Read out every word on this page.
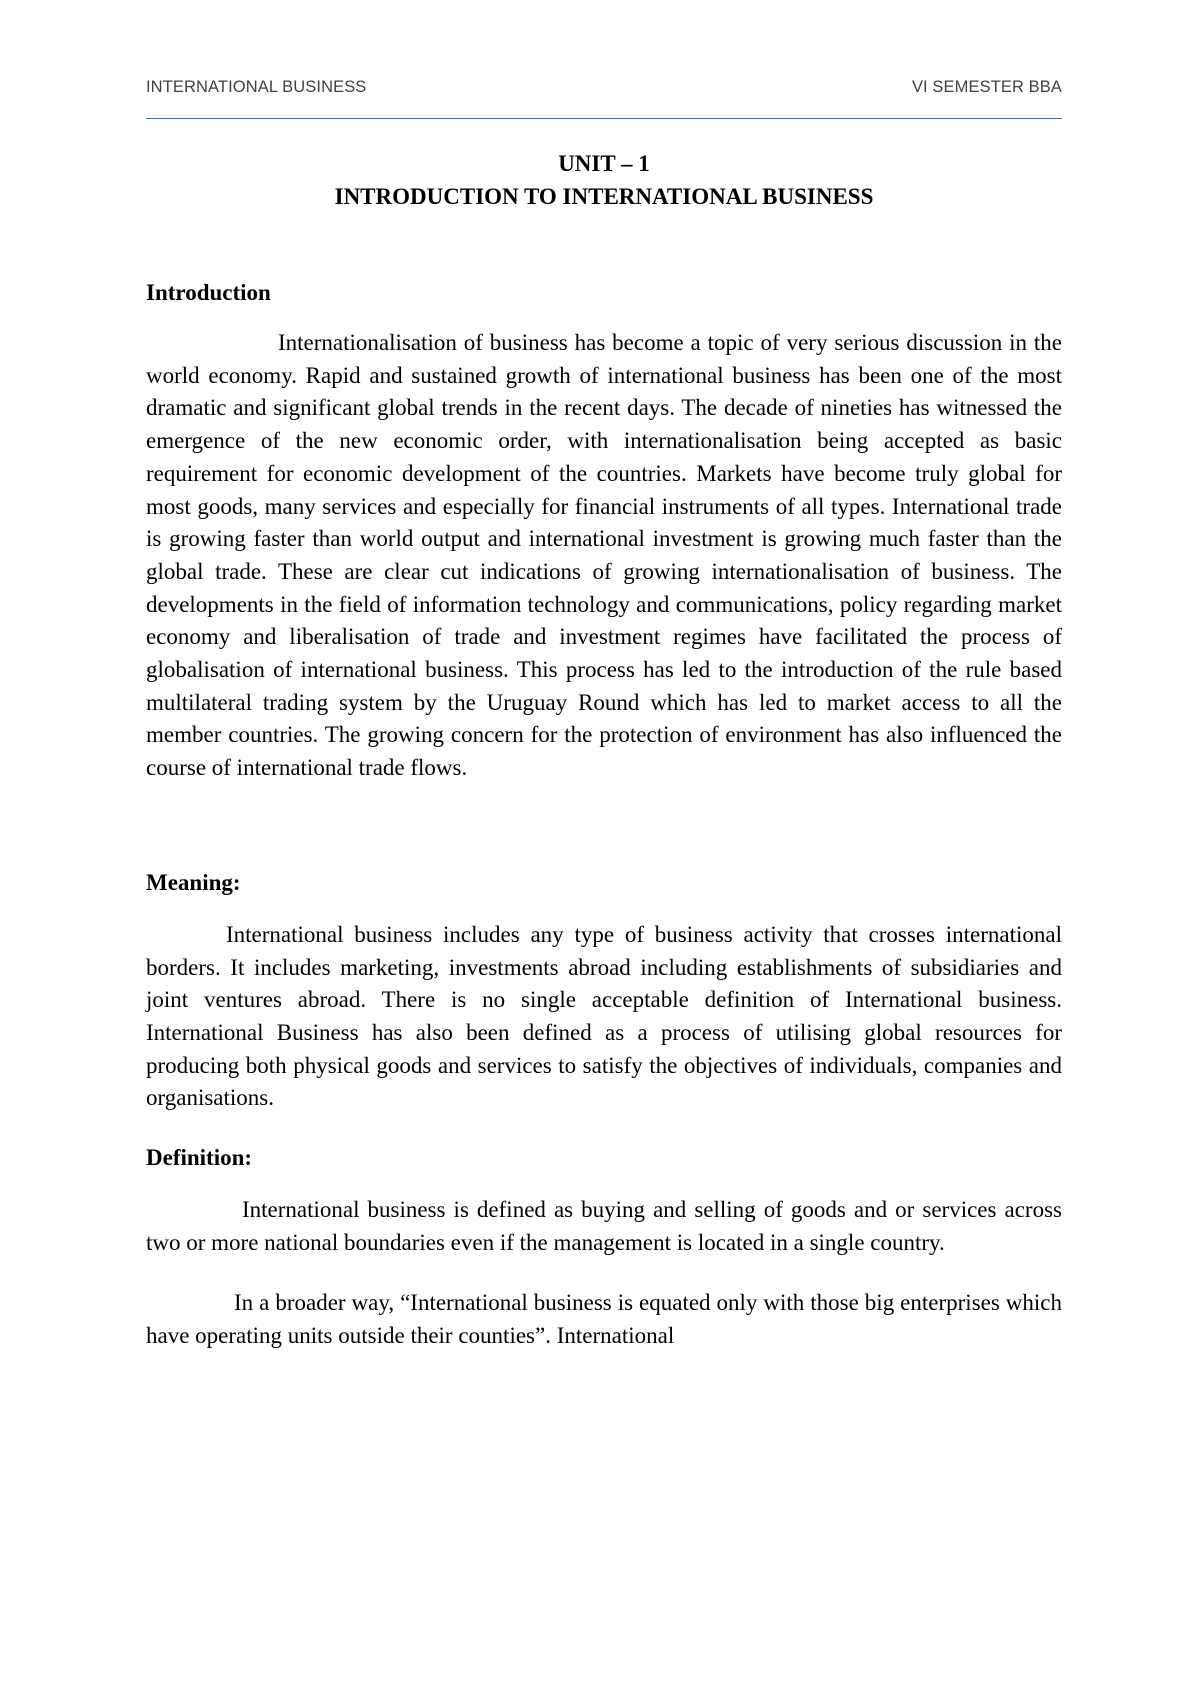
INTERNATIONAL BUSINESS	VI SEMESTER BBA
UNIT – 1
INTRODUCTION TO INTERNATIONAL BUSINESS
Introduction

Internationalisation of business has become a topic of very serious discussion in the world economy. Rapid and sustained growth of international business has been one of the most dramatic and significant global trends in the recent days. The decade of nineties has witnessed the emergence of the new economic order, with internationalisation being accepted as basic requirement for economic development of the countries. Markets have become truly global for most goods, many services and especially for financial instruments of all types. International trade is growing faster than world output and international investment is growing much faster than the global trade. These are clear cut indications of growing internationalisation of business. The developments in the field of information technology and communications, policy regarding market economy and liberalisation of trade and investment regimes have facilitated the process of globalisation of international business. This process has led to the introduction of the rule based multilateral trading system by the Uruguay Round which has led to market access to all the member countries. The growing concern for the protection of environment has also influenced the course of international trade flows.

Meaning:

International business includes any type of business activity that crosses international borders. It includes marketing, investments abroad including establishments of subsidiaries and joint ventures abroad. There is no single acceptable definition of International business. International Business has also been defined as a process of utilising global resources for producing both physical goods and services to satisfy the objectives of individuals, companies and organisations.

Definition:

International business is defined as buying and selling of goods and or services across two or more national boundaries even if the management is located in a single country.

In a broader way, “International business is equated only with those big enterprises which have operating units outside their counties”. International
